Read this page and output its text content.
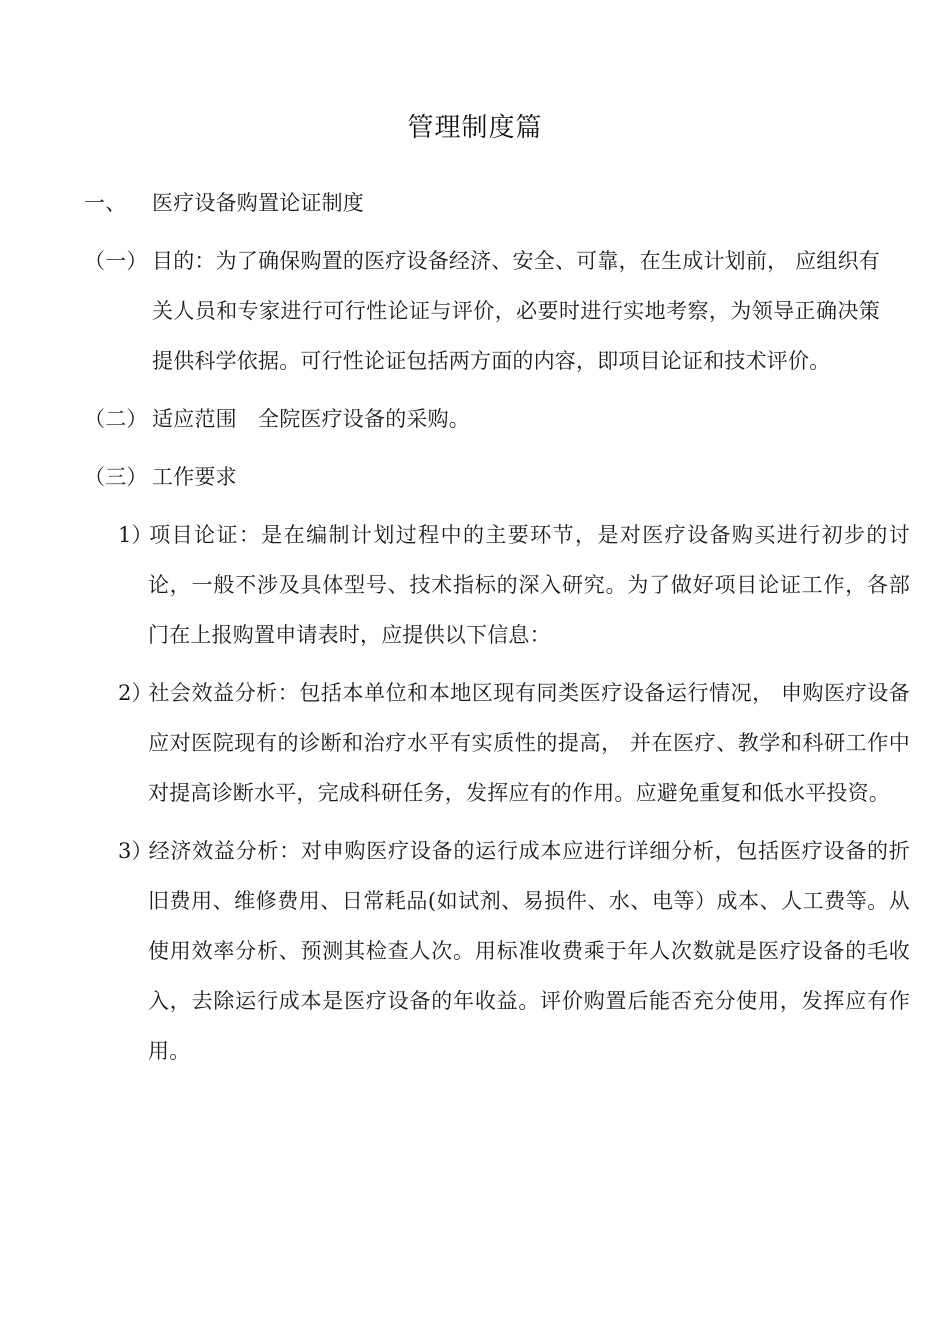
管理制度篇

一、 医疗设备购置论证制度

（一） 目的：为了确保购置的医疗设备经济、安全、可靠，在生成计划前， 应组织有关人员和专家进行可行性论证与评价，必要时进行实地考察，为领导正确决策提供科学依据。可行性论证包括两方面的内容，即项目论证和技术评价。

（二） 适应范围　全院医疗设备的采购。

（三） 工作要求

1）项目论证：是在编制计划过程中的主要环节，是对医疗设备购买进行初步的讨论，一般不涉及具体型号、技术指标的深入研究。为了做好项目论证工作，各部门在上报购置申请表时，应提供以下信息：

2）社会效益分析：包括本单位和本地区现有同类医疗设备运行情况， 申购医疗设备应对医院现有的诊断和治疗水平有实质性的提高， 并在医疗、教学和科研工作中对提高诊断水平，完成科研任务，发挥应有的作用。应避免重复和低水平投资。

3）经济效益分析：对申购医疗设备的运行成本应进行详细分析，包括医疗设备的折旧费用、维修费用、日常耗品(如试剂、易损件、水、电等）成本、人工费等。从使用效率分析、预测其检查人次。用标准收费乘于年人次数就是医疗设备的毛收入，去除运行成本是医疗设备的年收益。评价购置后能否充分使用，发挥应有作用。
